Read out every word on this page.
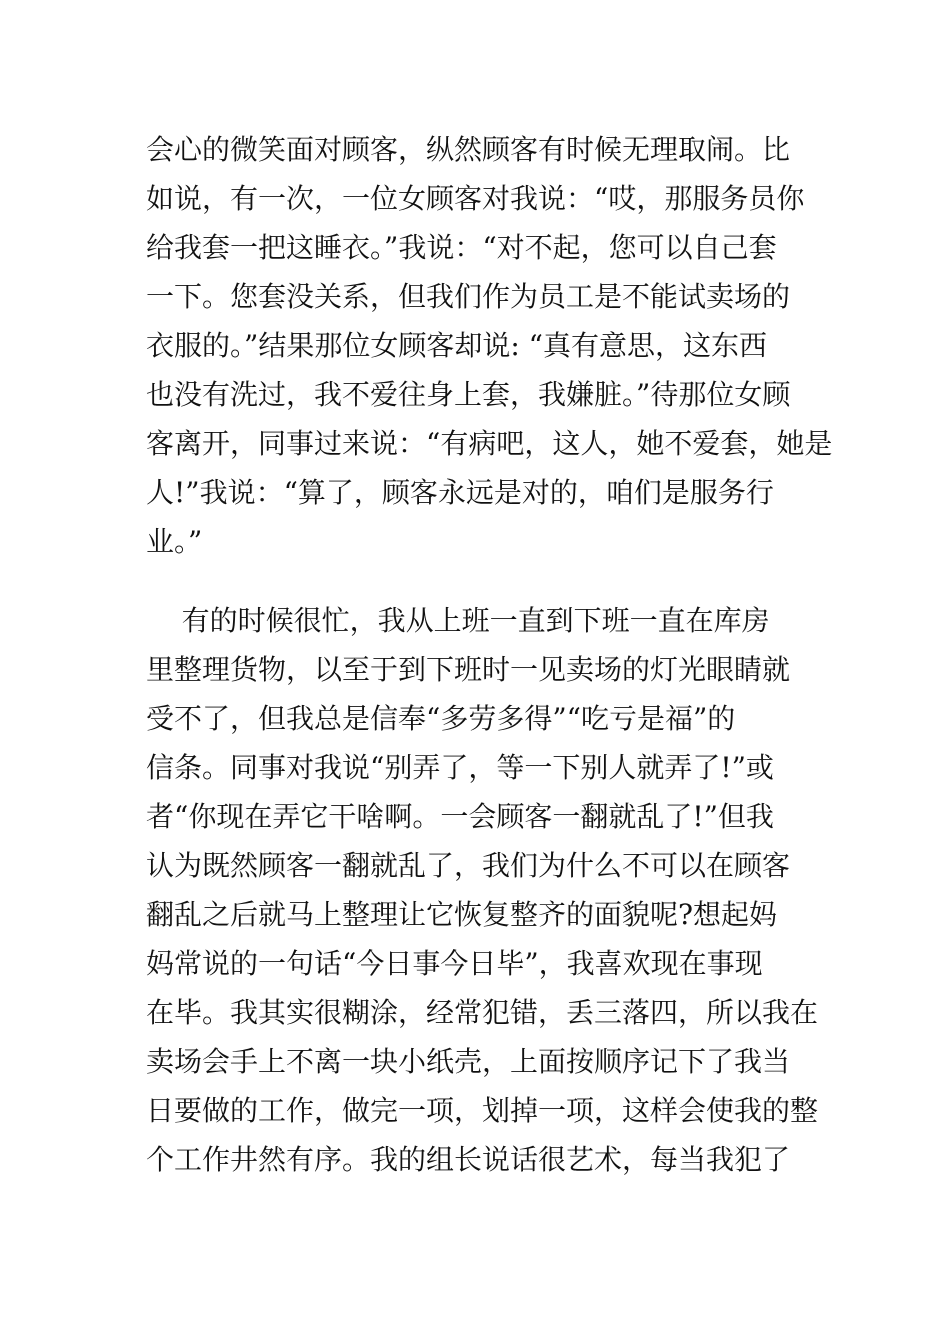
会心的微笑面对顾客，纵然顾客有时候无理取闹。比
如说，有一次，一位女顾客对我说：“哎，那服务员你
给我套一把这睡衣。”我说：“对不起，您可以自己套
一下。您套没关系，但我们作为员工是不能试卖场的
衣服的。”结果那位女顾客却说: “真有意思，这东西
也没有洗过，我不爱往身上套，我嫌脏。”待那位女顾
客离开，同事过来说：“有病吧，这人，她不爱套，她是
人!”我说：“算了，顾客永远是对的，咱们是服务行
业。”
有的时候很忙，我从上班一直到下班一直在库房
里整理货物，以至于到下班时一见卖场的灯光眼睛就
受不了，但我总是信奉“多劳多得”“吃亏是福”的
信条。同事对我说“别弄了，等一下别人就弄了!”或
者“你现在弄它干啥啊。一会顾客一翻就乱了!”但我
认为既然顾客一翻就乱了，我们为什么不可以在顾客
翻乱之后就马上整理让它恢复整齐的面貌呢?想起妈
妈常说的一句话“今日事今日毕”，我喜欢现在事现
在毕。我其实很糊涂，经常犯错，丢三落四，所以我在
卖场会手上不离一块小纸壳，上面按顺序记下了我当
日要做的工作，做完一项，划掉一项，这样会使我的整
个工作井然有序。我的组长说话很艺术，每当我犯了
